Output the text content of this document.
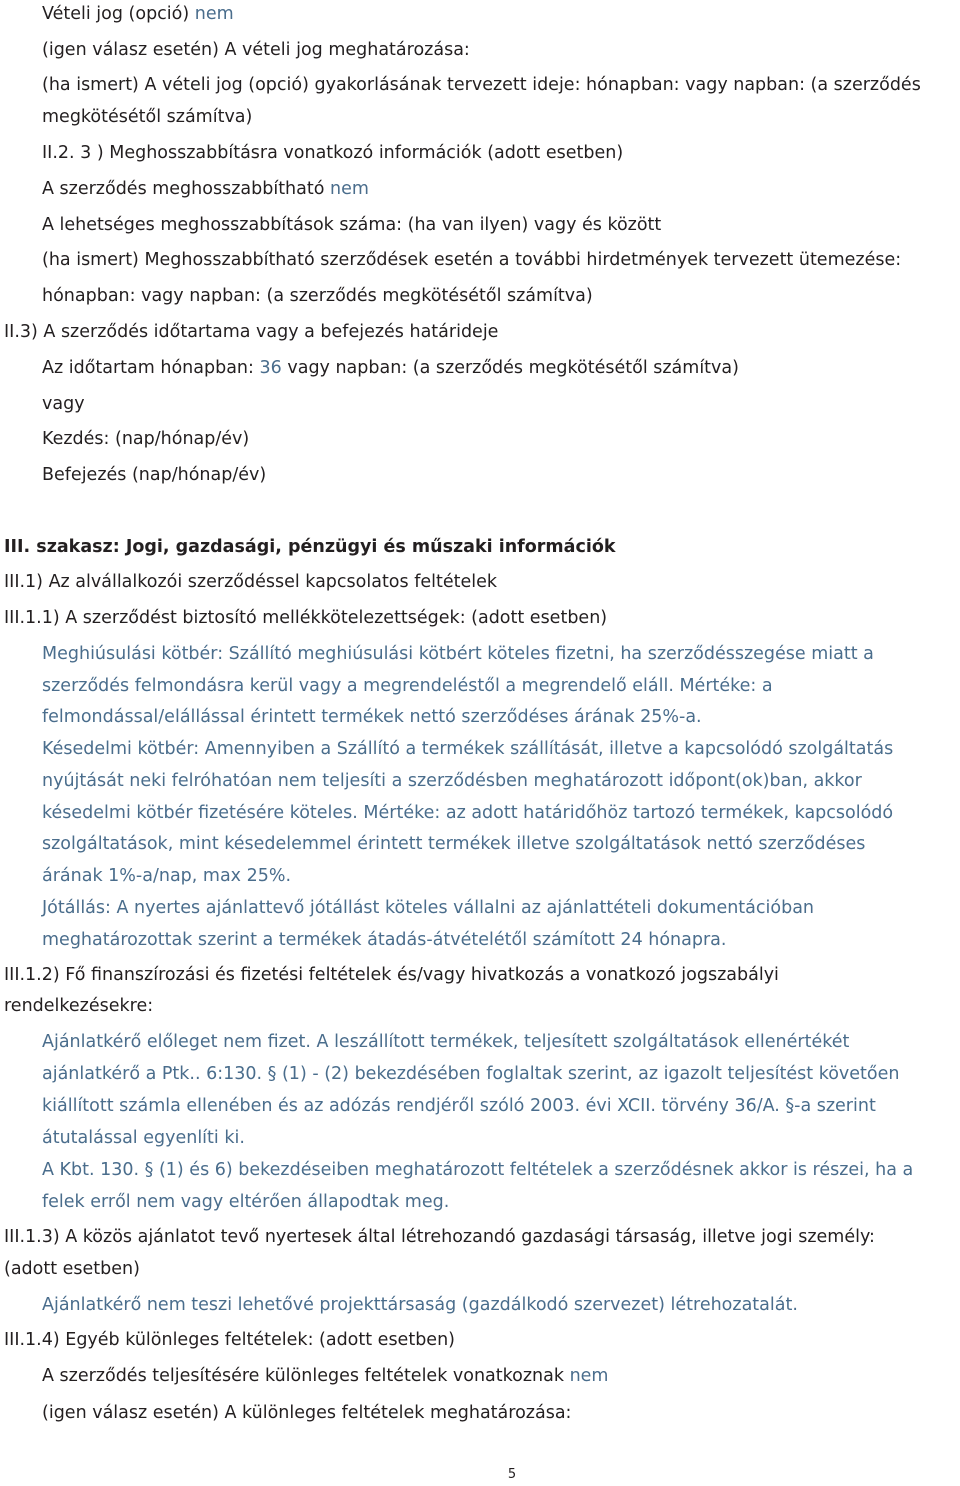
Vételi jog (opció) nem
(igen válasz esetén) A vételi jog meghatározása:
(ha ismert) A vételi jog (opció) gyakorlásának tervezett ideje: hónapban: vagy napban: (a szerződés
megkötésétől számítva)
II.2. 3 ) Meghosszabbításra vonatkozó információk (adott esetben)
A szerződés meghosszabbítható nem
A lehetséges meghosszabbítások száma: (ha van ilyen) vagy és között
(ha ismert) Meghosszabbítható szerződések esetén a további hirdetmények tervezett ütemezése:
hónapban: vagy napban: (a szerződés megkötésétől számítva)
II.3) A szerződés időtartama vagy a befejezés határideje
Az időtartam hónapban: 36 vagy napban: (a szerződés megkötésétől számítva)
vagy
Kezdés: (nap/hónap/év)
Befejezés (nap/hónap/év)
III. szakasz: Jogi, gazdasági, pénzügyi és műszaki információk
III.1) Az alvállalkozói szerződéssel kapcsolatos feltételek
III.1.1) A szerződést biztosító mellékkötelezettségek: (adott esetben)
Meghiúsulási kötbér: Szállító meghiúsulási kötbért köteles fizetni, ha szerződésszegése miatt a
szerződés felmondásra kerül vagy a megrendeléstől a megrendelő eláll. Mértéke: a
felmondással/elállással érintett termékek nettó szerződéses árának 25%-a.
Késedelmi kötbér: Amennyiben a Szállító a termékek szállítását, illetve a kapcsolódó szolgáltatás
nyújtását neki felróhatóan nem teljesíti a szerződésben meghatározott időpont(ok)ban, akkor
késedelmi kötbér fizetésére köteles. Mértéke: az adott határidőhöz tartozó termékek, kapcsolódó
szolgáltatások, mint késedelemmel érintett termékek illetve szolgáltatások nettó szerződéses
árának 1%-a/nap, max 25%.
Jótállás: A nyertes ajánlattevő jótállást köteles vállalni az ajánlattételi dokumentációban
meghatározottak szerint a termékek átadás-átvételétől számított 24 hónapra.
III.1.2) Fő finanszírozási és fizetési feltételek és/vagy hivatkozás a vonatkozó jogszabályi
rendelkezésekre:
Ajánlatkérő előleget nem fizet. A leszállított termékek, teljesített szolgáltatások ellenértékét
ajánlatkérő a Ptk.. 6:130. § (1) - (2) bekezdésében foglaltak szerint, az igazolt teljesítést követően
kiállított számla ellenében és az adózás rendjéről szóló 2003. évi XCII. törvény 36/A. §-a szerint
átutalással egyenlíti ki.
A Kbt. 130. § (1) és 6) bekezdéseiben meghatározott feltételek a szerződésnek akkor is részei, ha a
felek erről nem vagy eltérően állapodtak meg.
III.1.3) A közös ajánlatot tevő nyertesek által létrehozandó gazdasági társaság, illetve jogi személy:
(adott esetben)
Ajánlatkérő nem teszi lehetővé projekttársaság (gazdálkodó szervezet) létrehozatalát.
III.1.4) Egyéb különleges feltételek: (adott esetben)
A szerződés teljesítésére különleges feltételek vonatkoznak nem
(igen válasz esetén) A különleges feltételek meghatározása:
5
